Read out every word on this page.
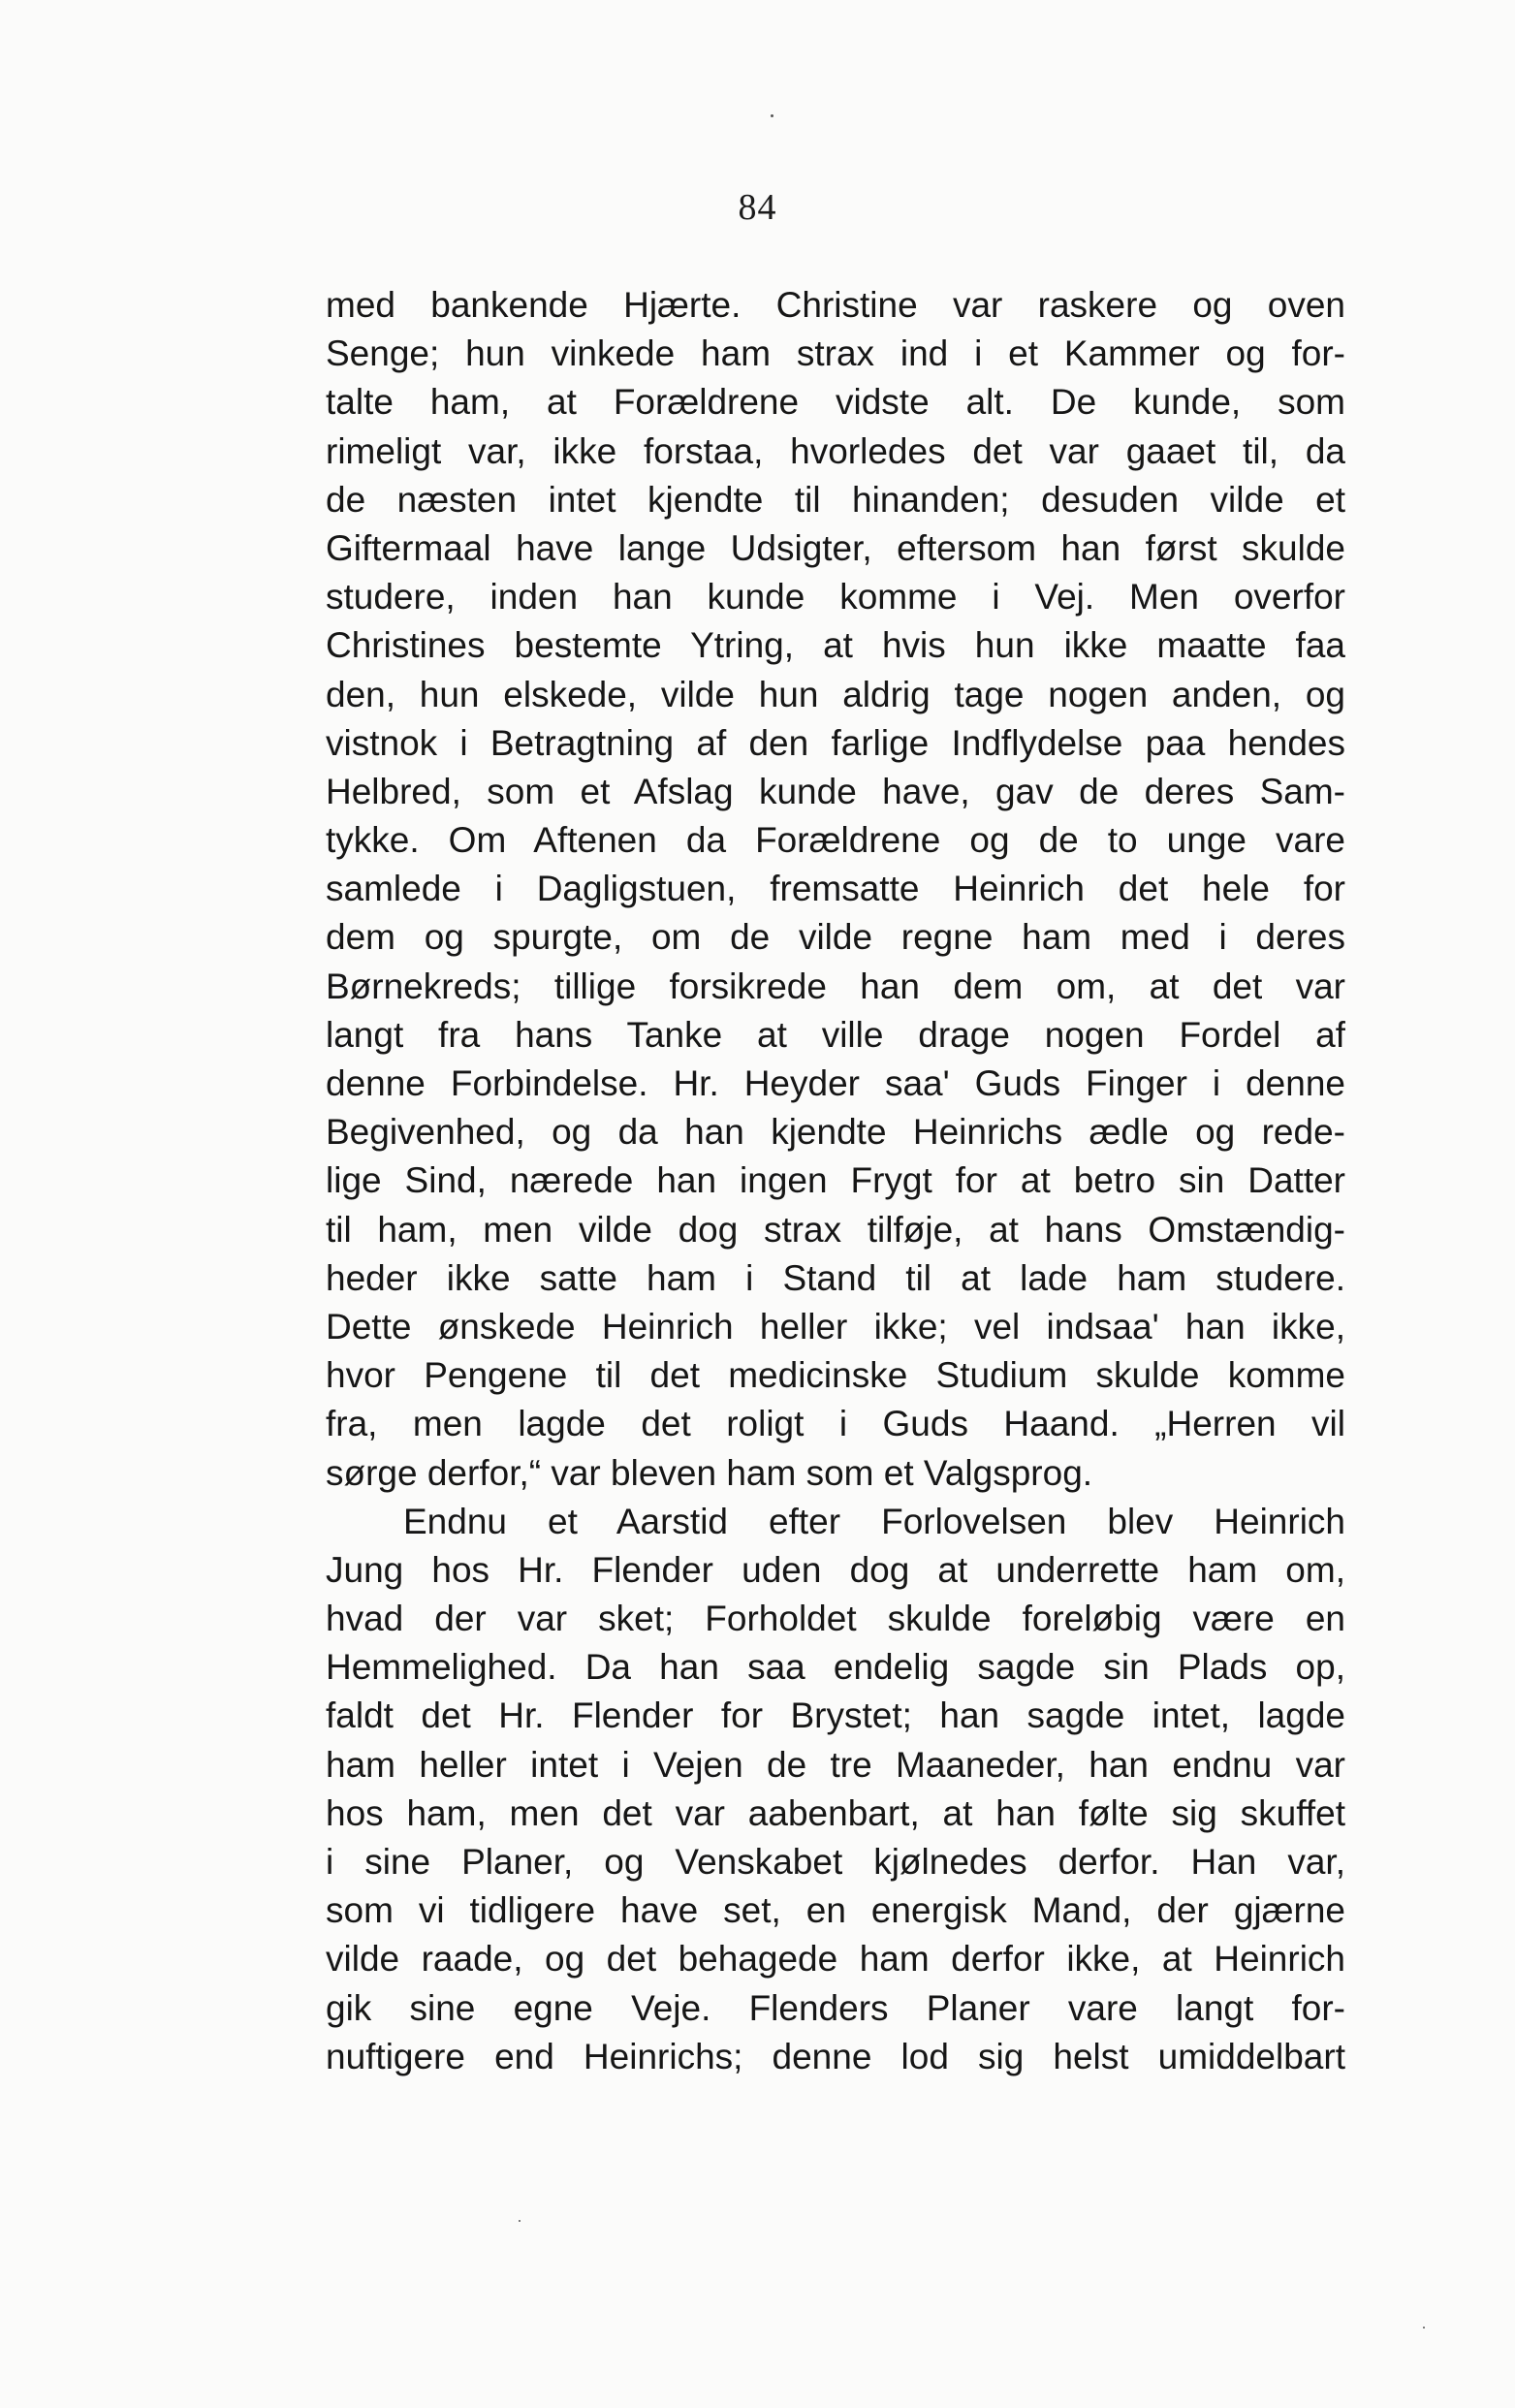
84
med bankende Hjærte. Christine var raskere og oven
Senge; hun vinkede ham strax ind i et Kammer og for-
talte ham, at Forældrene vidste alt. De kunde, som
rimeligt var, ikke forstaa, hvorledes det var gaaet til, da
de næsten intet kjendte til hinanden; desuden vilde et
Giftermaal have lange Udsigter, eftersom han først skulde
studere, inden han kunde komme i Vej. Men overfor
Christines bestemte Ytring, at hvis hun ikke maatte faa
den, hun elskede, vilde hun aldrig tage nogen anden, og
vistnok i Betragtning af den farlige Indflydelse paa hendes
Helbred, som et Afslag kunde have, gav de deres Sam-
tykke. Om Aftenen da Forældrene og de to unge vare
samlede i Dagligstuen, fremsatte Heinrich det hele for
dem og spurgte, om de vilde regne ham med i deres
Børnekreds; tillige forsikrede han dem om, at det var
langt fra hans Tanke at ville drage nogen Fordel af
denne Forbindelse. Hr. Heyder saa' Guds Finger i denne
Begivenhed, og da han kjendte Heinrichs ædle og rede-
lige Sind, nærede han ingen Frygt for at betro sin Datter
til ham, men vilde dog strax tilføje, at hans Omstændig-
heder ikke satte ham i Stand til at lade ham studere.
Dette ønskede Heinrich heller ikke; vel indsaa' han ikke,
hvor Pengene til det medicinske Studium skulde komme
fra, men lagde det roligt i Guds Haand. „Herren vil
sørge derfor,“ var bleven ham som et Valgsprog.
Endnu et Aarstid efter Forlovelsen blev Heinrich
Jung hos Hr. Flender uden dog at underrette ham om,
hvad der var sket; Forholdet skulde foreløbig være en
Hemmelighed. Da han saa endelig sagde sin Plads op,
faldt det Hr. Flender for Brystet; han sagde intet, lagde
ham heller intet i Vejen de tre Maaneder, han endnu var
hos ham, men det var aabenbart, at han følte sig skuffet
i sine Planer, og Venskabet kjølnedes derfor. Han var,
som vi tidligere have set, en energisk Mand, der gjærne
vilde raade, og det behagede ham derfor ikke, at Heinrich
gik sine egne Veje. Flenders Planer vare langt for-
nuftigere end Heinrichs; denne lod sig helst umiddelbart
